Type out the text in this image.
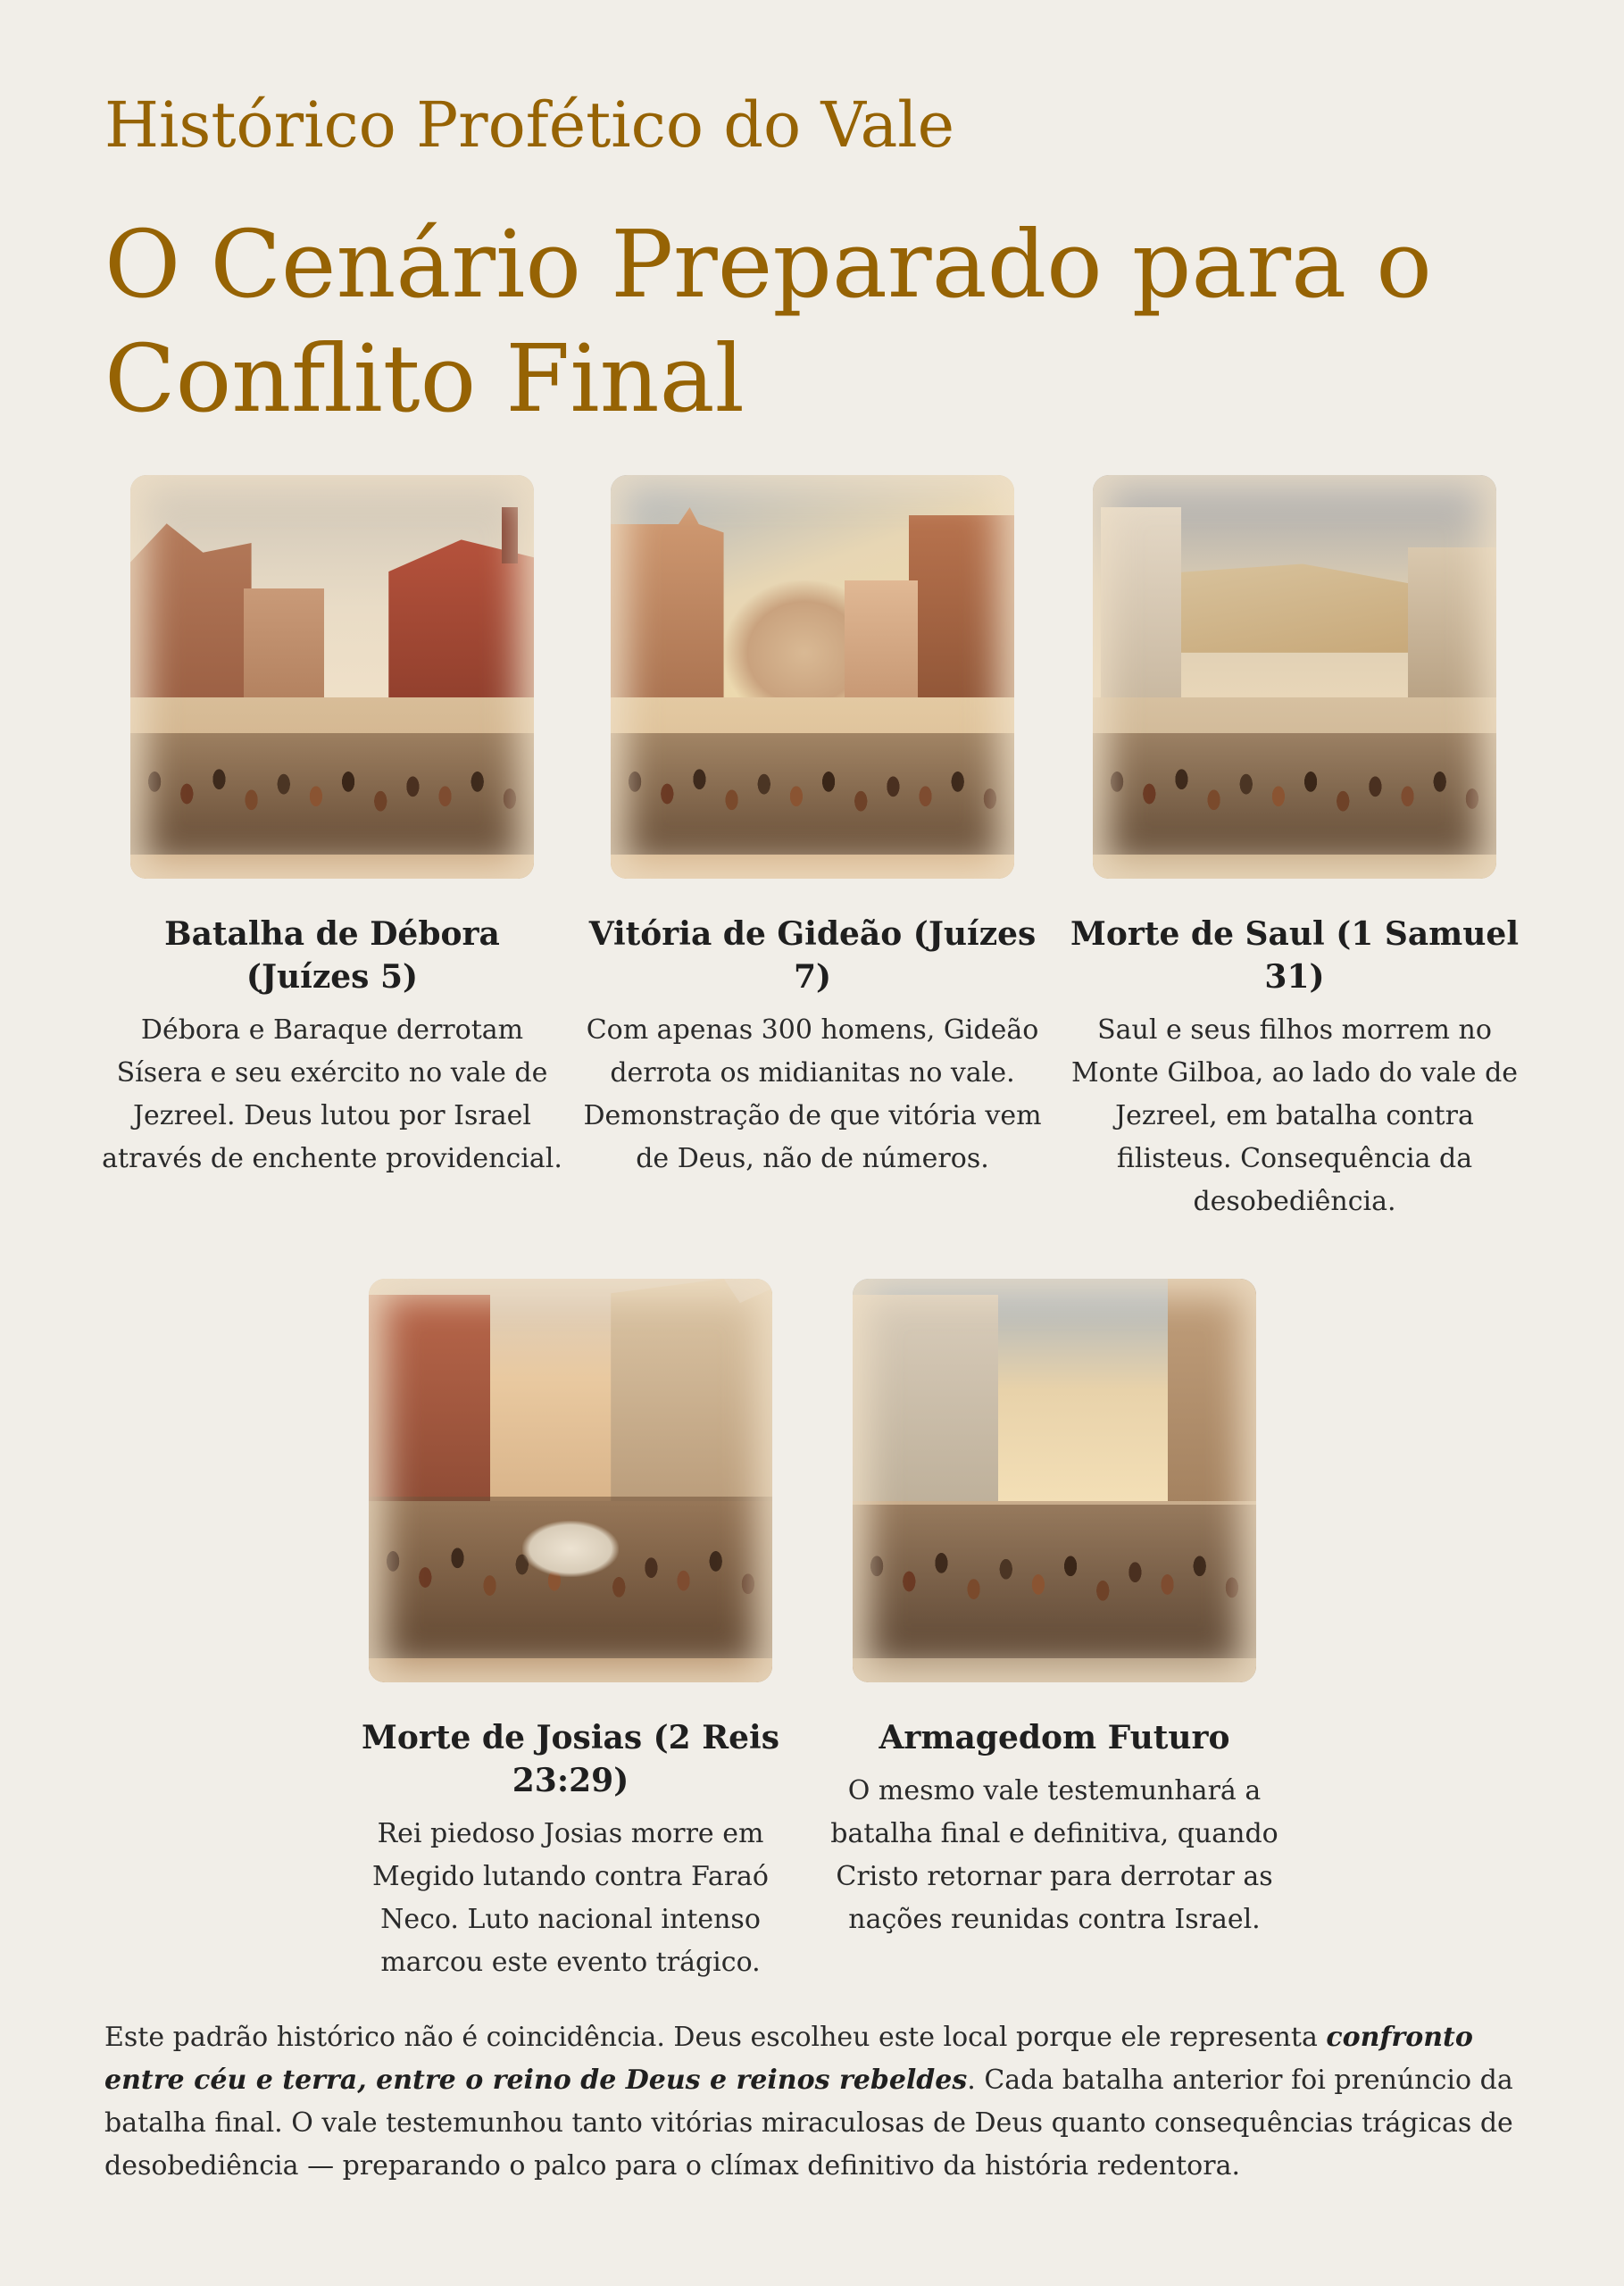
Histórico Profético do Vale
O Cenário Preparado para o Conflito Final
Batalha de Débora (Juízes 5)

Débora e Baraque derrotam Sísera e seu exército no vale de Jezreel. Deus lutou por Israel através de enchente providencial.

Vitória de Gideão (Juízes 7)

Com apenas 300 homens, Gideão derrota os midianitas no vale. Demonstração de que vitória vem de Deus, não de números.

Morte de Saul (1 Samuel 31)

Saul e seus filhos morrem no Monte Gilboa, ao lado do vale de Jezreel, em batalha contra filisteus. Consequência da desobediência.

Morte de Josias (2 Reis 23:29)

Rei piedoso Josias morre em Megido lutando contra Faraó Neco. Luto nacional intenso marcou este evento trágico.

Armagedom Futuro

O mesmo vale testemunhará a batalha final e definitiva, quando Cristo retornar para derrotar as nações reunidas contra Israel.

Este padrão histórico não é coincidência. Deus escolheu este local porque ele representa confronto entre céu e terra, entre o reino de Deus e reinos rebeldes. Cada batalha anterior foi prenúncio da batalha final. O vale testemunhou tanto vitórias miraculosas de Deus quanto consequências trágicas de desobediência — preparando o palco para o clímax definitivo da história redentora.
